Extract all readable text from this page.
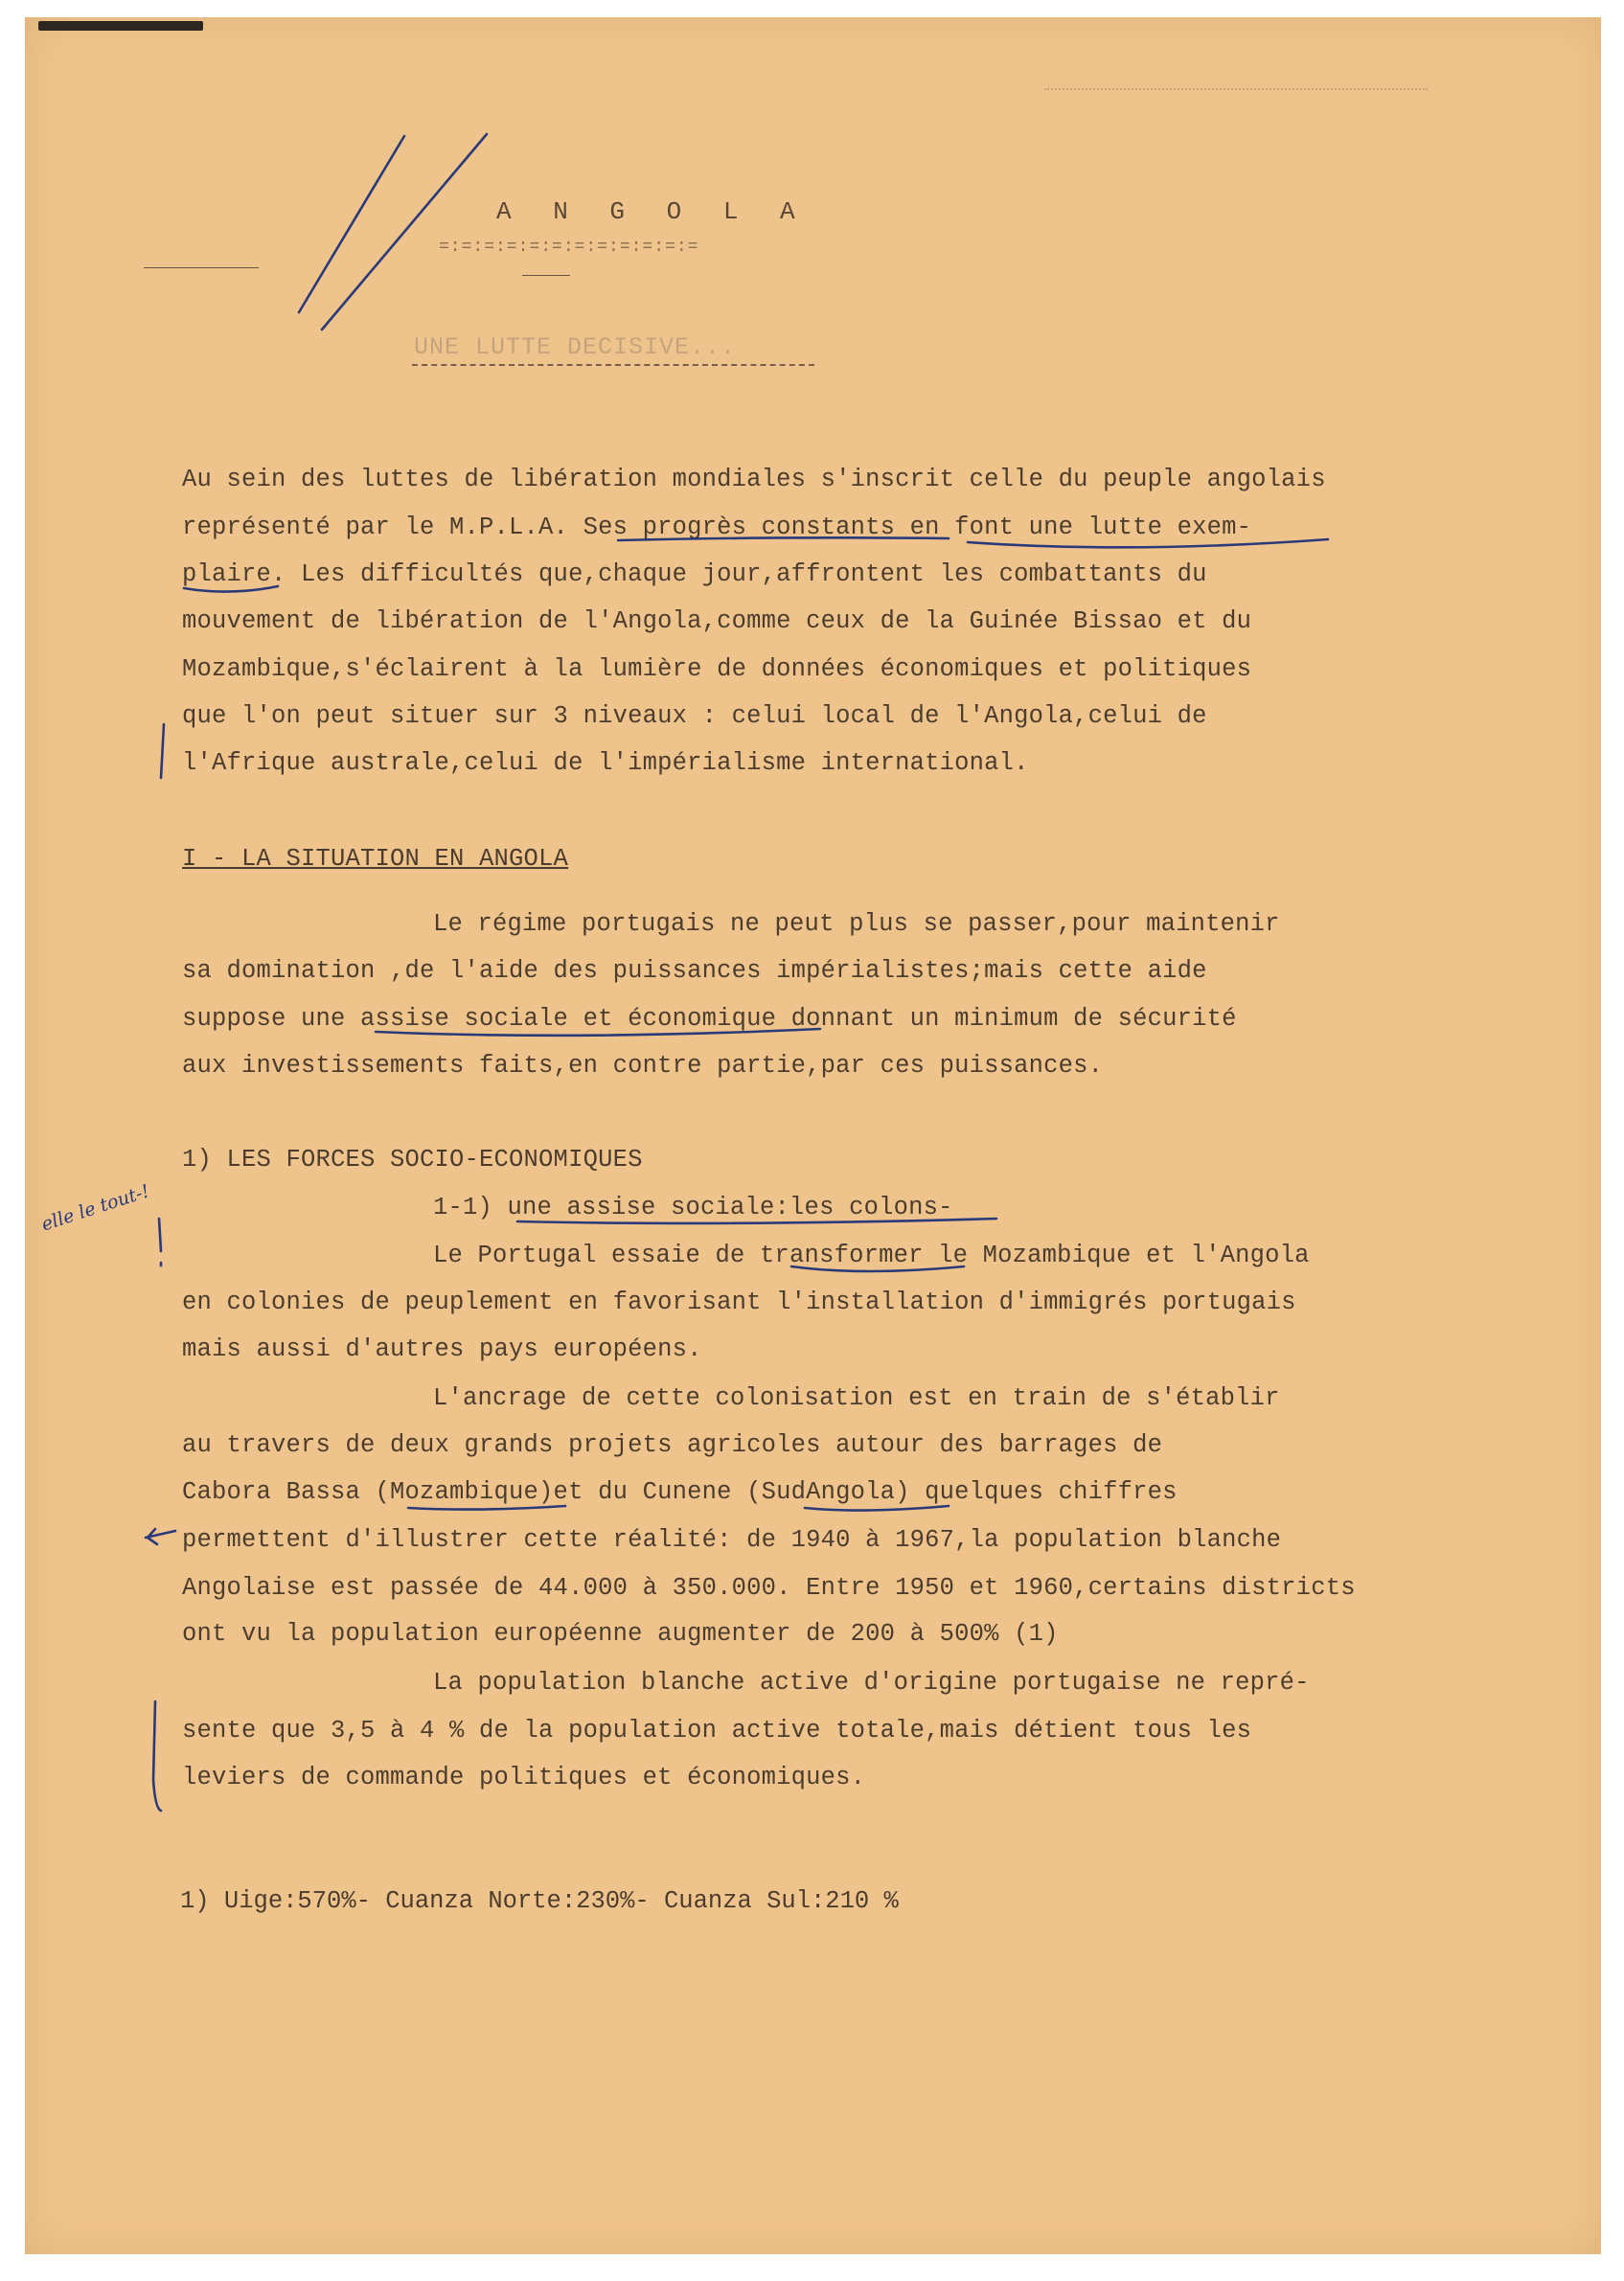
A N G O L A
=:=:=:=:=:=:=:=:=:=:=:=
UNE LUTTE DECISIVE...
Au sein des luttes de libération mondiales s'inscrit celle du peuple angolais
représenté par le M.P.L.A. Ses progrès constants en font une lutte exem-
plaire. Les difficultés que,chaque jour,affrontent les combattants du
mouvement de libération de l'Angola,comme ceux de la Guinée Bissao et du
Mozambique,s'éclairent à la lumière de données économiques et politiques
que l'on peut situer sur 3 niveaux : celui local de l'Angola,celui de
l'Afrique australe,celui de l'impérialisme international.
I - LA SITUATION EN ANGOLA
Le régime portugais ne peut plus se passer,pour maintenir
sa domination ,de l'aide des puissances impérialistes;mais cette aide
suppose une assise sociale et économique donnant un minimum de sécurité
aux investissements faits,en contre partie,par ces puissances.
1) LES FORCES SOCIO-ECONOMIQUES
1-1) une assise sociale:les colons-
Le Portugal essaie de transformer le Mozambique et l'Angola
en colonies de peuplement en favorisant l'installation d'immigrés portugais
mais aussi d'autres pays européens.
L'ancrage de cette colonisation est en train de s'établir
au travers de deux grands projets agricoles autour des barrages de
Cabora Bassa (Mozambique)et du Cunene (SudAngola) quelques chiffres
permettent d'illustrer cette réalité: de 1940 à 1967,la population blanche
Angolaise est passée de 44.000 à 350.000. Entre 1950 et 1960,certains districts
ont vu la population européenne augmenter de 200 à 500% (1)
La population blanche active d'origine portugaise ne repré-
sente que 3,5 à 4 % de la population active totale,mais détient tous les
leviers de commande politiques et économiques.
1) Uige:570%- Cuanza Norte:230%- Cuanza Sul:210 %
elle le tout-!
